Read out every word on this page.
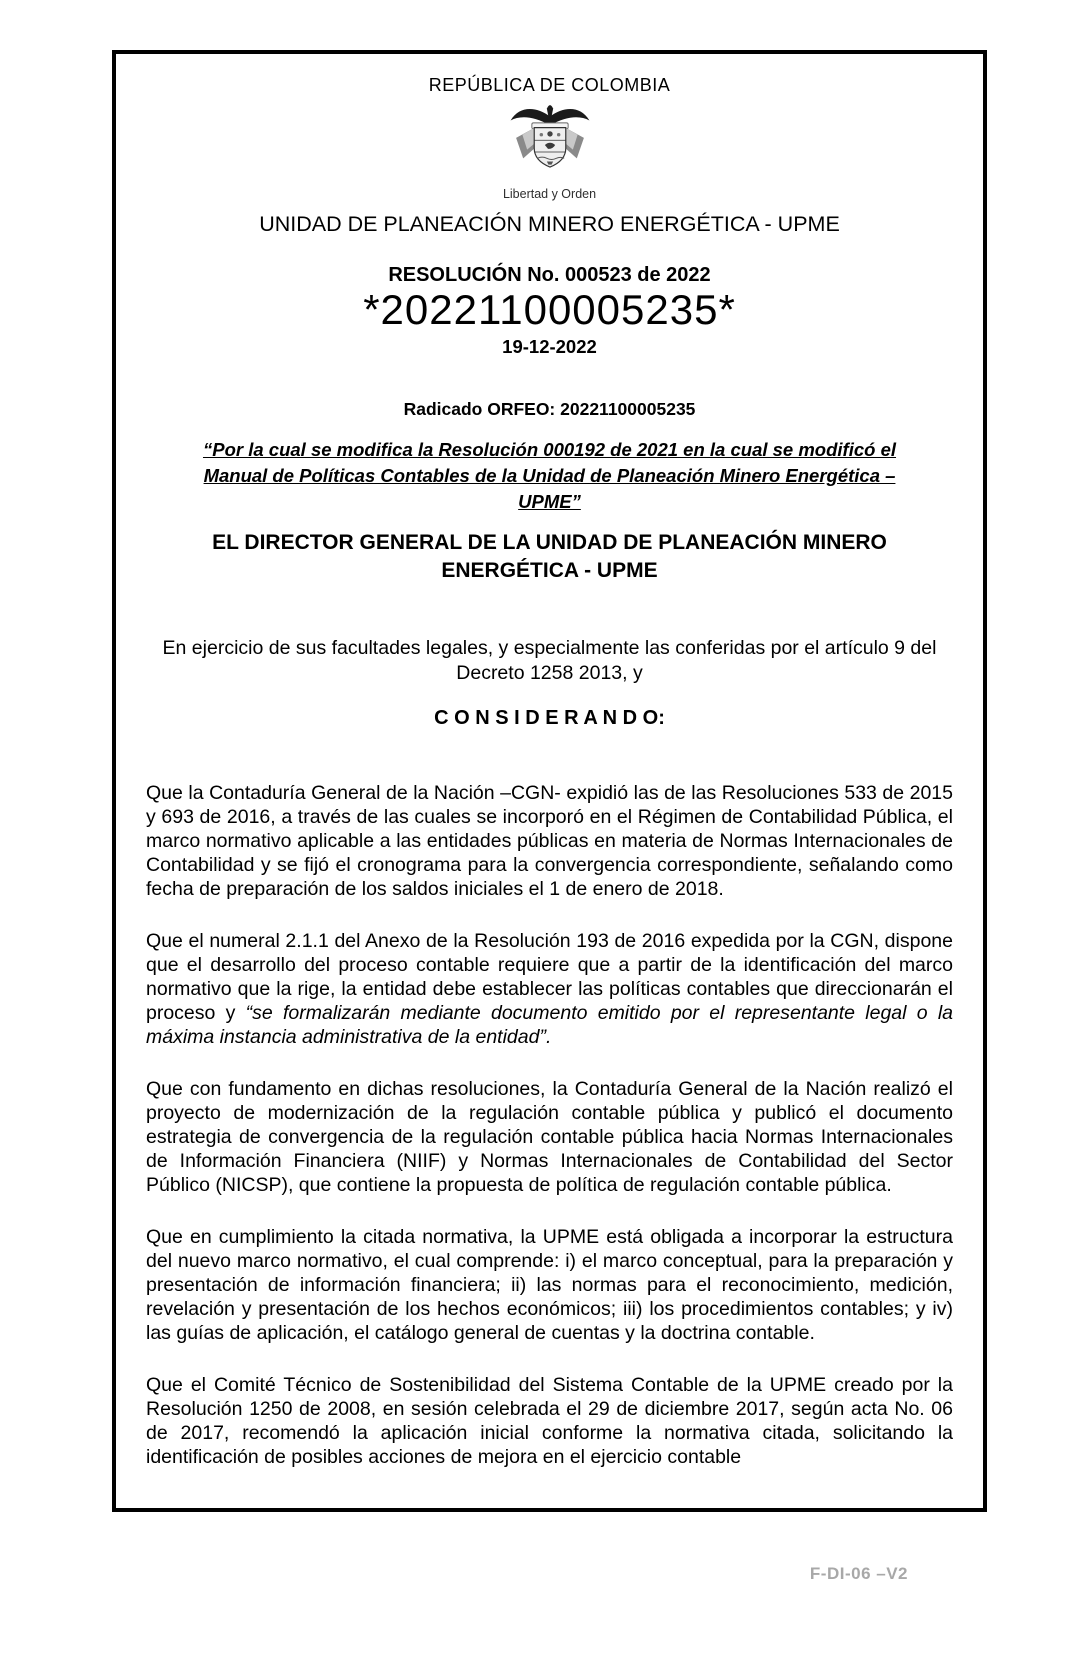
REPÚBLICA DE COLOMBIA
Libertad y Orden
UNIDAD DE PLANEACIÓN MINERO ENERGÉTICA - UPME
RESOLUCIÓN No. 000523 de 2022
*20221100005235*
19-12-2022
Radicado ORFEO: 20221100005235
“Por la cual se modifica la Resolución 000192 de 2021 en la cual se modificó el Manual de Políticas Contables de la Unidad de Planeación Minero Energética – UPME”
EL DIRECTOR GENERAL DE LA UNIDAD DE PLANEACIÓN MINERO ENERGÉTICA - UPME
En ejercicio de sus facultades legales, y especialmente las conferidas por el artículo 9 del Decreto 1258 2013, y
C O N S I D E R A N D O:

Que la Contaduría General de la Nación –CGN- expidió las de las Resoluciones 533 de 2015 y 693 de 2016, a través de las cuales se incorporó en el Régimen de Contabilidad Pública, el marco normativo aplicable a las entidades públicas en materia de Normas Internacionales de Contabilidad y se fijó el cronograma para la convergencia correspondiente, señalando como fecha de preparación de los saldos iniciales el 1 de enero de 2018.

Que el numeral 2.1.1 del Anexo de la Resolución 193 de 2016 expedida por la CGN, dispone que el desarrollo del proceso contable requiere que a partir de la identificación del marco normativo que la rige, la entidad debe establecer las políticas contables que direccionarán el proceso y “se formalizarán mediante documento emitido por el representante legal o la máxima instancia administrativa de la entidad”.

Que con fundamento en dichas resoluciones, la Contaduría General de la Nación realizó el proyecto de modernización de la regulación contable pública y publicó el documento estrategia de convergencia de la regulación contable pública hacia Normas Internacionales de Información Financiera (NIIF) y Normas Internacionales de Contabilidad del Sector Público (NICSP), que contiene la propuesta de política de regulación contable pública.

Que en cumplimiento la citada normativa, la UPME está obligada a incorporar la estructura del nuevo marco normativo, el cual comprende: i) el marco conceptual, para la preparación y presentación de información financiera; ii) las normas para el reconocimiento, medición, revelación y presentación de los hechos económicos; iii) los procedimientos contables; y iv) las guías de aplicación, el catálogo general de cuentas y la doctrina contable.

Que el Comité Técnico de Sostenibilidad del Sistema Contable de la UPME creado por la Resolución 1250 de 2008, en sesión celebrada el 29 de diciembre 2017, según acta No. 06 de 2017, recomendó la aplicación inicial conforme la normativa citada, solicitando la identificación de posibles acciones de mejora en el ejercicio contable

F-DI-06 –V2
